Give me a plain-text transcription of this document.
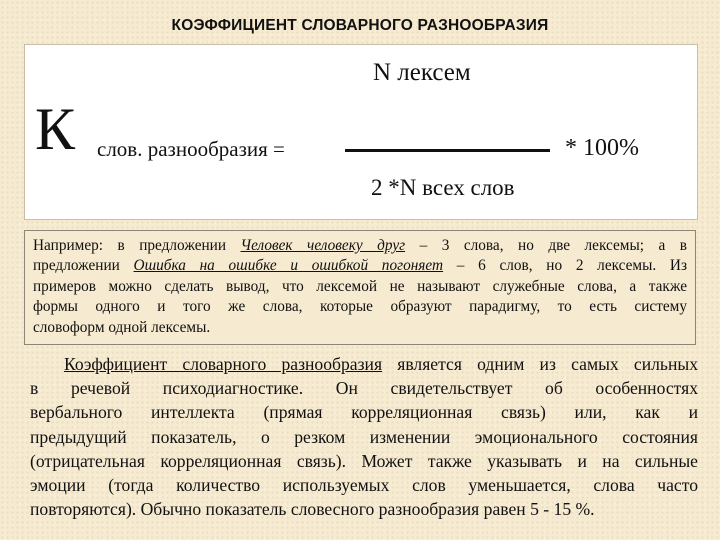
КОЭФФИЦИЕНТ СЛОВАРНОГО РАЗНООБРАЗИЯ
К слов. разнообразия =
N лексем
* 100%
2 *N всех слов
Например: в предложении Человек человеку друг – 3 слова, но две лексемы; а в
предложении Ошибка на ошибке и ошибкой погоняет – 6 слов, но 2 лексемы. Из
примеров можно сделать вывод, что лексемой не называют служебные слова, а также
формы одного и того же слова, которые образуют парадигму, то есть систему
словоформ одной лексемы.
Коэффициент словарного разнообразия является одним из самых сильных
в речевой психодиагностике. Он свидетельствует об особенностях
вербального интеллекта (прямая корреляционная связь) или, как и
предыдущий показатель, о резком изменении эмоционального состояния
(отрицательная корреляционная связь). Может также указывать и на сильные
эмоции (тогда количество используемых слов уменьшается, слова часто
повторяются). Обычно показатель словесного разнообразия равен 5 - 15 %.
